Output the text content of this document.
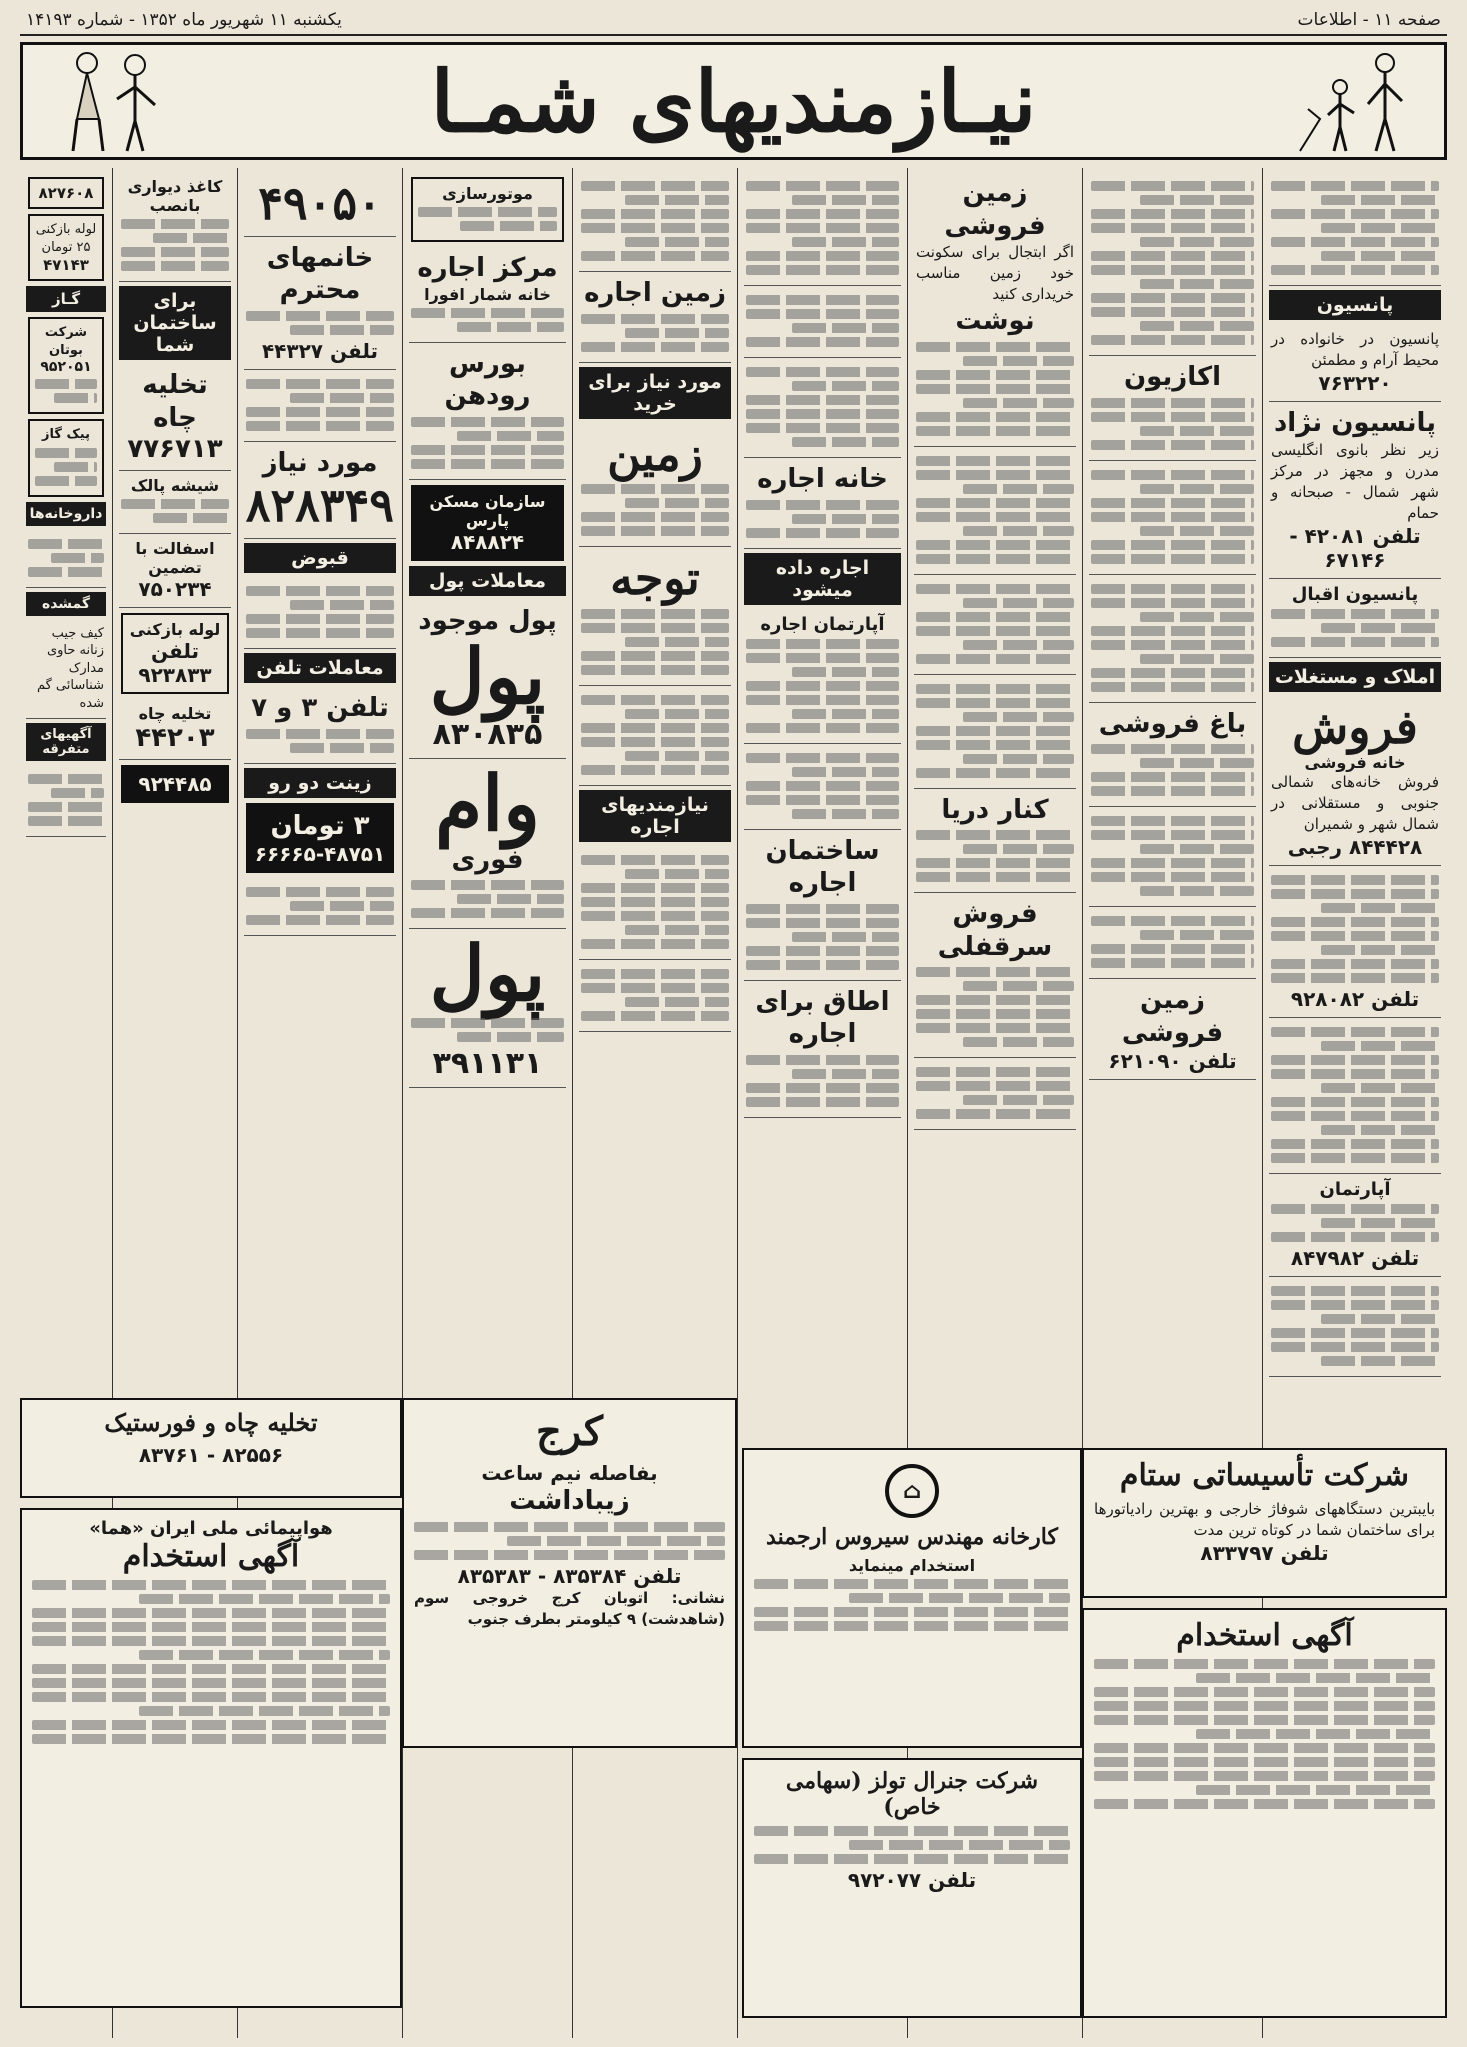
صفحه ۱۱ - اطلاعات
یکشنبه ۱۱ شهریور ماه ۱۳۵۲ - شماره ۱۴۱۹۳
نیـازمندیهای شمـا
پانسیون
پانسیون در خانواده در محیط آرام و مطمئن
۷۶۳۲۲۰
پانسیون نژاد
زیر نظر بانوی انگلیسی مدرن و مجهز در مرکز شهر شمال - صبحانه و حمام
تلفن ۴۲۰۸۱ - ۶۷۱۴۶
پانسیون اقبال
املاک و مستغلات
فروش
خانه فروشی
فروش خانه‌های شمالی جنوبی و مستقلانی در شمال شهر و شمیران
۸۴۴۴۲۸ رجبی
تلفن ۹۲۸۰۸۲
آپارتمان
تلفن ۸۴۷۹۸۲
اکازیون
باغ فروشی
زمین فروشی
تلفن ۶۲۱۰۹۰
زمین فروشی
اگر ابتجال برای سکونت خود زمین مناسب خریداری کنید
نوشت
کنار دریا
فروش سرقفلی
خانه اجاره
اجاره داده میشود
آپارتمان اجاره
ساختمان اجاره
اطاق برای اجاره
زمین اجاره
مورد نیاز برای خرید
زمین
توجه
نیازمندیهای اجاره
موتورسازی
مرکز اجاره
خانه شمار افورا
بورس رودهن
سازمان مسکن پارس
۸۴۸۸۲۴
معاملات پول
پول موجود
پول
۸۳۰۸۳۵
وام
فوری
پول
۳۹۱۱۳۱
۴۹۰۵۰
خانمهای محترم
تلفن ۴۴۳۲۷
مورد نیاز
۸۲۸۳۴۹
قبوض
معاملات تلفن
تلفن ۳ و ۷
زینت دو رو
۳ تومان
۶۶۶۶۵-۴۸۷۵۱
کاغذ دیواری بانصب
برای ساختمان شما
تخلیه چاه
۷۷۶۷۱۳
شیشه پالک
اسفالت با تضمین
۷۵۰۲۳۴
لوله بازکنی
تلفن ۹۲۳۸۳۳
تخلیه چاه
۴۴۲۰۳
۹۲۴۴۸۵
۸۲۷۶۰۸
لوله بازکنی ۲۵ تومان
۴۷۱۴۳
گـاز
شرکت بوتان
۹۵۲۰۵۱
پیک گاز
داروخانه‌ها
گمشده
کیف جیب زنانه حاوی مدارک شناسائی گم شده
آگهیهای متفرقه
شرکت تأسیساتی ستام
بایبترین دستگاههای شوفاژ خارجی و بهترین رادیاتورها برای ساختمان شما در کوتاه ترین مدت
تلفن ۸۳۳۷۹۷
⌂
کارخانه مهندس سیروس ارجمند
استخدام مینماید
شرکت جنرال تولز (سهامی خاص)
تلفن ۹۷۲۰۷۷
کرج
بفاصله نیم ساعت
زیباداشت
تلفن ۸۳۵۳۸۴ - ۸۳۵۳۸۳
نشانی: اتوبان کرج خروجی سوم (شاهدشت) ۹ کیلومتر بطرف جنوب
تخلیه چاه و فورستیک
۸۲۵۵۶ - ۸۳۷۶۱
هواپیمائی ملی ایران «هما»
آگهی استخدام
آگهی استخدام
